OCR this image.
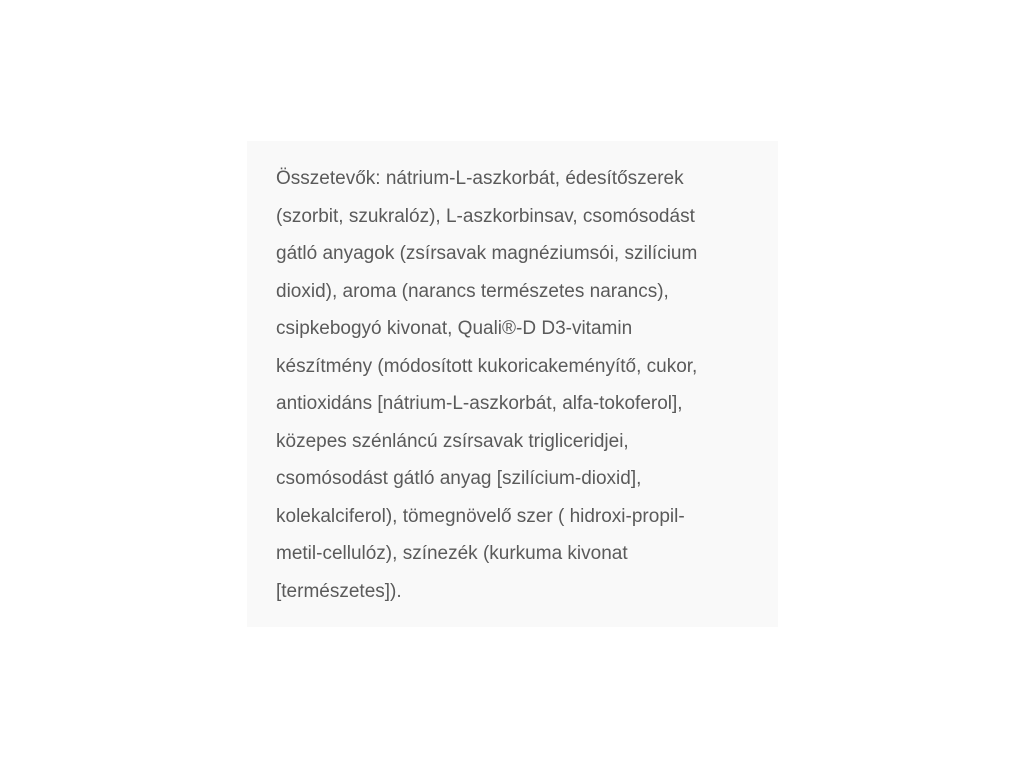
Összetevők: nátrium-L-aszkorbát, édesítőszerek
(szorbit, szukralóz), L-aszkorbinsav, csomósodást
gátló anyagok (zsírsavak magnéziumsói, szilícium
dioxid), aroma (narancs természetes narancs),
csipkebogyó kivonat, Quali®-D D3-vitamin
készítmény (módosított kukoricakeményítő, cukor,
antioxidáns [nátrium-L-aszkorbát, alfa-tokoferol],
közepes szénláncú zsírsavak trigliceridjei,
csomósodást gátló anyag [szilícium-dioxid],
kolekalciferol), tömegnövelő szer ( hidroxi-propil-
metil-cellulóz), színezék (kurkuma kivonat
[természetes]).
